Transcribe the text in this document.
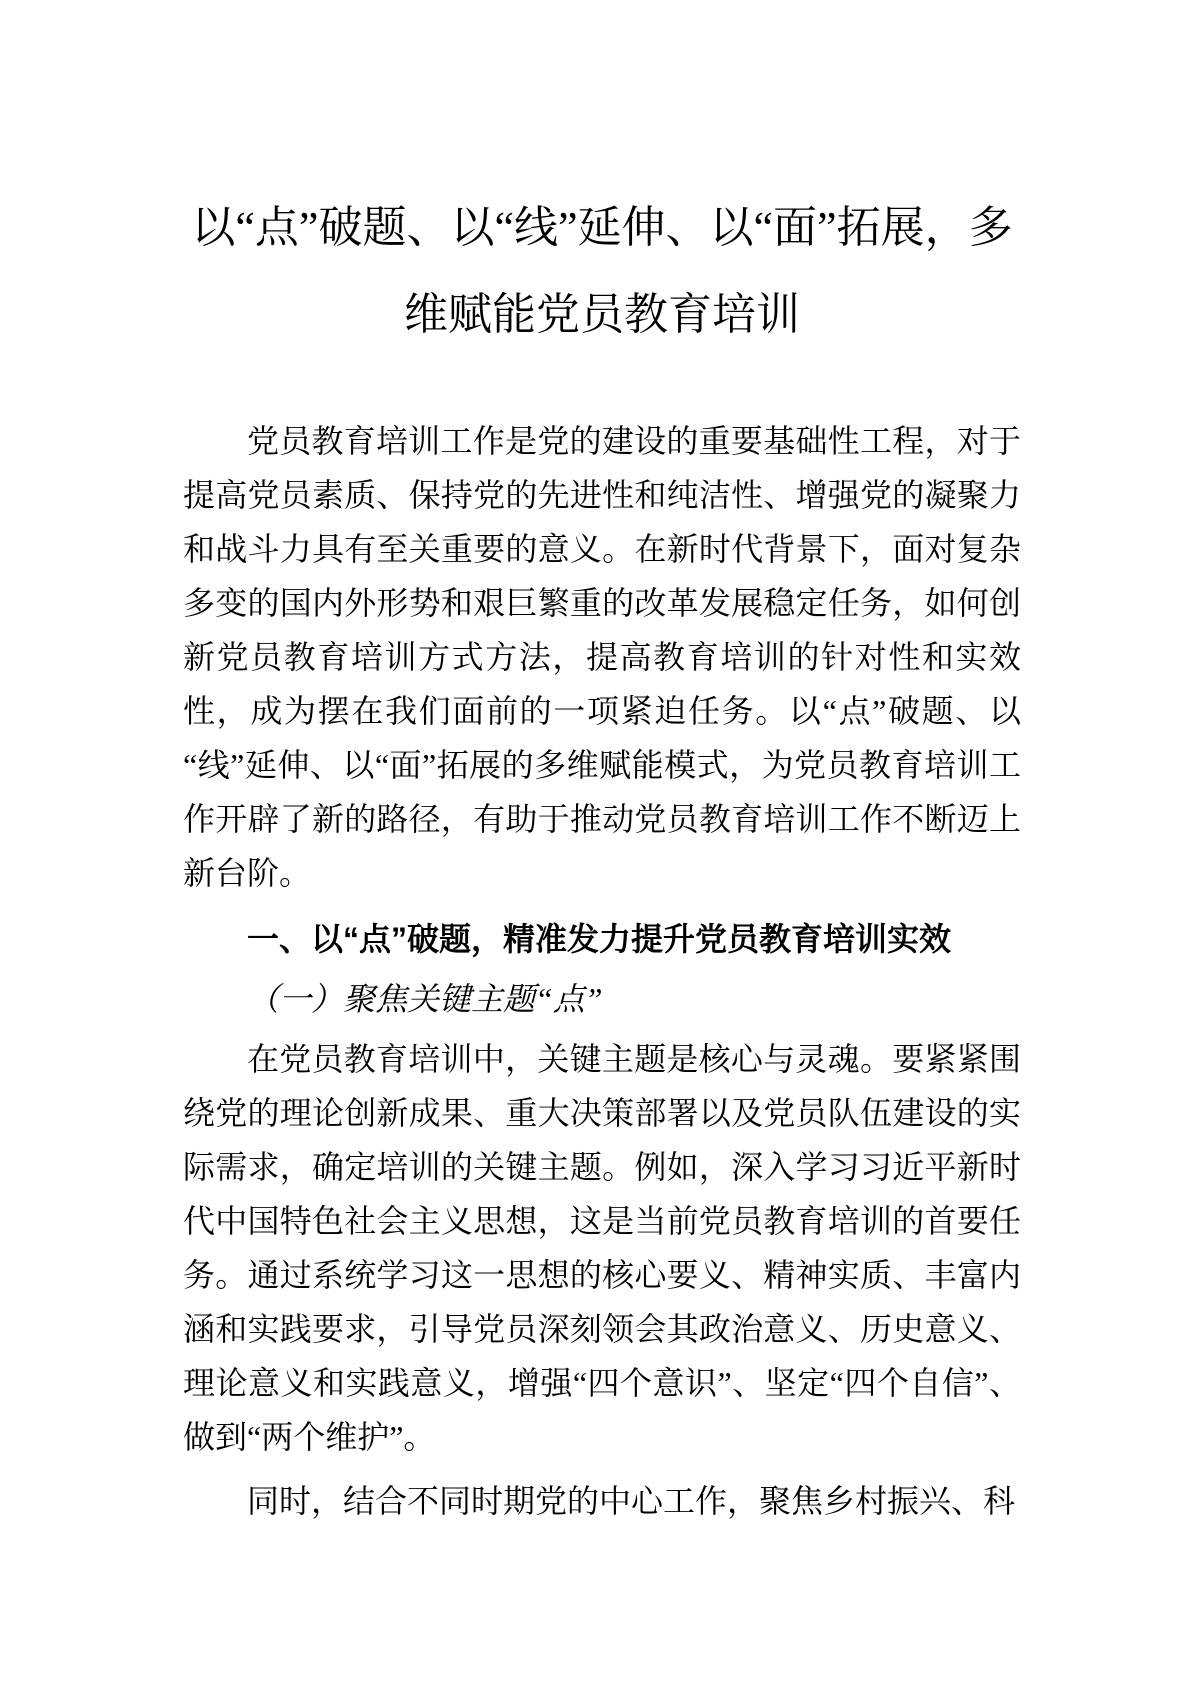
以“点”破题、以“线”延伸、以“面”拓展，多维赋能党员教育培训

党员教育培训工作是党的建设的重要基础性工程，对于提高党员素质、保持党的先进性和纯洁性、增强党的凝聚力和战斗力具有至关重要的意义。在新时代背景下，面对复杂多变的国内外形势和艰巨繁重的改革发展稳定任务，如何创新党员教育培训方式方法，提高教育培训的针对性和实效性，成为摆在我们面前的一项紧迫任务。以“点”破题、以“线”延伸、以“面”拓展的多维赋能模式，为党员教育培训工作开辟了新的路径，有助于推动党员教育培训工作不断迈上新台阶。

一、以“点”破题，精准发力提升党员教育培训实效
（一）聚焦关键主题“点”

在党员教育培训中，关键主题是核心与灵魂。要紧紧围绕党的理论创新成果、重大决策部署以及党员队伍建设的实际需求，确定培训的关键主题。例如，深入学习习近平新时代中国特色社会主义思想，这是当前党员教育培训的首要任务。通过系统学习这一思想的核心要义、精神实质、丰富内涵和实践要求，引导党员深刻领会其政治意义、历史意义、理论意义和实践意义，增强“四个意识”、坚定“四个自信”、做到“两个维护”。

同时，结合不同时期党的中心工作，聚焦乡村振兴、科
